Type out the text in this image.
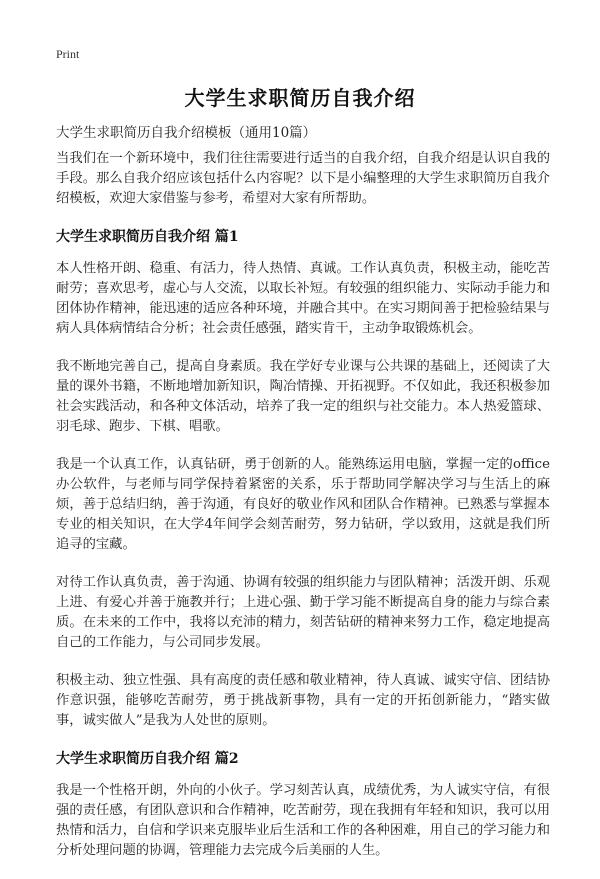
Print
大学生求职简历自我介绍
大学生求职简历自我介绍模板（通用10篇）

当我们在一个新环境中，我们往往需要进行适当的自我介绍，自我介绍是认识自我的手段。那么自我介绍应该包括什么内容呢？以下是小编整理的大学生求职简历自我介绍模板，欢迎大家借鉴与参考，希望对大家有所帮助。

大学生求职简历自我介绍 篇1

本人性格开朗、稳重、有活力，待人热情、真诚。工作认真负责，积极主动，能吃苦耐劳；喜欢思考，虚心与人交流，以取长补短。有较强的组织能力、实际动手能力和团体协作精神，能迅速的适应各种环境，并融合其中。在实习期间善于把检验结果与病人具体病情结合分析；社会责任感强，踏实肯干，主动争取锻炼机会。

我不断地完善自己，提高自身素质。我在学好专业课与公共课的基础上，还阅读了大量的课外书籍，不断地增加新知识，陶冶情操、开拓视野。不仅如此，我还积极参加社会实践活动，和各种文体活动，培养了我一定的组织与社交能力。本人热爱篮球、羽毛球、跑步、下棋、唱歌。

我是一个认真工作，认真钻研，勇于创新的人。能熟练运用电脑，掌握一定的office 办公软件，与老师与同学保持着紧密的关系，乐于帮助同学解决学习与生活上的麻烦，善于总结归纳，善于沟通，有良好的敬业作风和团队合作精神。已熟悉与掌握本专业的相关知识，在大学4年间学会刻苦耐劳，努力钻研，学以致用，这就是我们所追寻的宝藏。

对待工作认真负责，善于沟通、协调有较强的组织能力与团队精神；活泼开朗、乐观上进、有爱心并善于施教并行；上进心强、勤于学习能不断提高自身的能力与综合素质。在未来的工作中，我将以充沛的精力，刻苦钻研的精神来努力工作，稳定地提高自己的工作能力，与公司同步发展。

积极主动、独立性强、具有高度的责任感和敬业精神，待人真诚、诚实守信、团结协作意识强，能够吃苦耐劳，勇于挑战新事物，具有一定的开拓创新能力，“踏实做事，诚实做人”是我为人处世的原则。

大学生求职简历自我介绍 篇2

我是一个性格开朗，外向的小伙子。学习刻苦认真，成绩优秀，为人诚实守信，有很强的责任感，有团队意识和合作精神，吃苦耐劳，现在我拥有年轻和知识，我可以用热情和活力，自信和学识来克服毕业后生活和工作的各种困难，用自己的学习能力和分析处理问题的协调，管理能力去完成今后美丽的人生。
